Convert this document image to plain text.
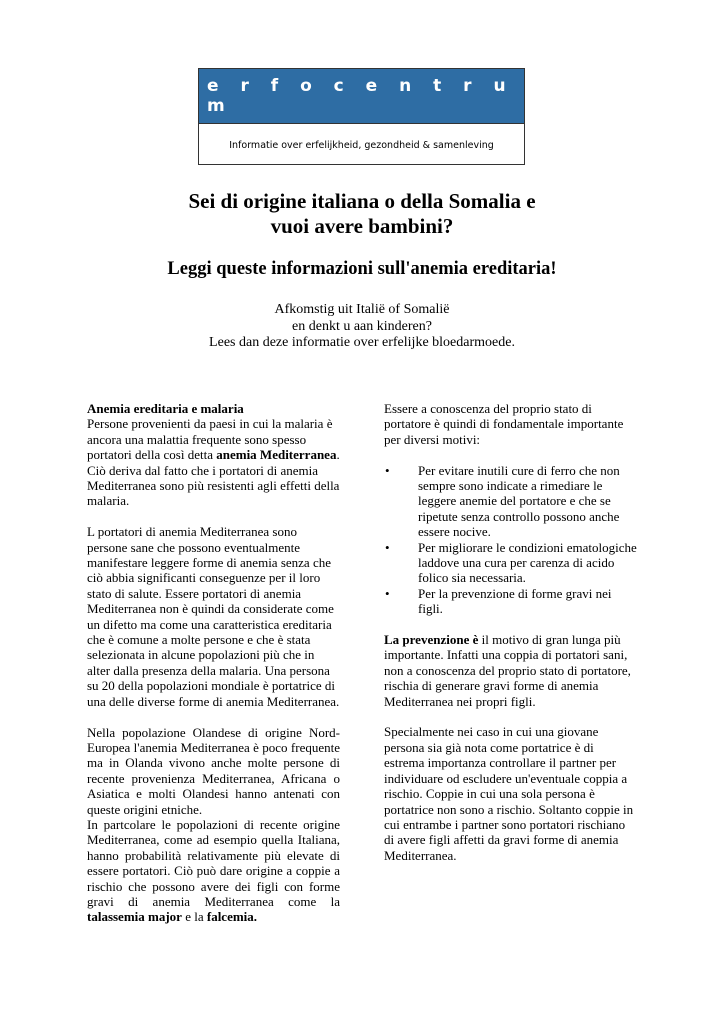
e r f o c e n t r u m
Informatie over erfelijkheid, gezondheid & samenleving
Sei di origine italiana o della Somalia e
vuoi avere bambini?
Leggi queste informazioni sull'anemia ereditaria!
Afkomstig uit Italië of Somalië
en denkt u aan kinderen?
Lees dan deze informatie over erfelijke bloedarmoede.

Anemia ereditaria e malaria

Persone provenienti da paesi in cui la malaria è ancora una malattia frequente sono spesso portatori della così detta anemia Mediterranea. Ciò deriva dal fatto che i portatori di anemia Mediterranea sono più resistenti agli effetti della malaria.

L portatori di anemia Mediterranea sono persone sane che possono eventualmente manifestare leggere forme di anemia senza che ciò abbia significanti conseguenze per il loro stato di salute. Essere portatori di anemia Mediterranea non è quindi da considerate come un difetto ma come una caratteristica ereditaria che è comune a molte persone e che è stata selezionata in alcune popolazioni più che in alter dalla presenza della malaria. Una persona su 20 della popolazioni mondiale è portatrice di una delle diverse forme di anemia Mediterranea.

Nella popolazione Olandese di origine Nord-Europea l'anemia Mediterranea è poco frequente ma in Olanda vivono anche molte persone di recente provenienza Mediterranea, Africana o Asiatica e molti Olandesi hanno antenati con queste origini etniche.

In partcolare le popolazioni di recente origine Mediterranea, come ad esempio quella Italiana, hanno probabilità relativamente più elevate di essere portatori. Ciò può dare origine a coppie a rischio che possono avere dei figli con forme gravi di anemia Mediterranea come la talassemia major e la falcemia.

Essere a conoscenza del proprio stato di portatore è quindi di fondamentale importante per diversi motivi:

• Per evitare inutili cure di ferro che non sempre sono indicate a rimediare le leggere anemie del portatore e che se ripetute senza controllo possono anche essere nocive.
• Per migliorare le condizioni ematologiche laddove una cura per carenza di acido folico sia necessaria.
• Per la prevenzione di forme gravi nei figli.

La prevenzione è il motivo di gran lunga più importante. Infatti una coppia di portatori sani, non a conoscenza del proprio stato di portatore, rischia di generare gravi forme di anemia Mediterranea nei propri figli.

Specialmente nei caso in cui una giovane persona sia già nota come portatrice è di estrema importanza controllare il partner per individuare od escludere un'eventuale coppia a rischio. Coppie in cui una sola persona è portatrice non sono a rischio. Soltanto coppie in cui entrambe i partner sono portatori rischiano di avere figli affetti da gravi forme di anemia Mediterranea.
